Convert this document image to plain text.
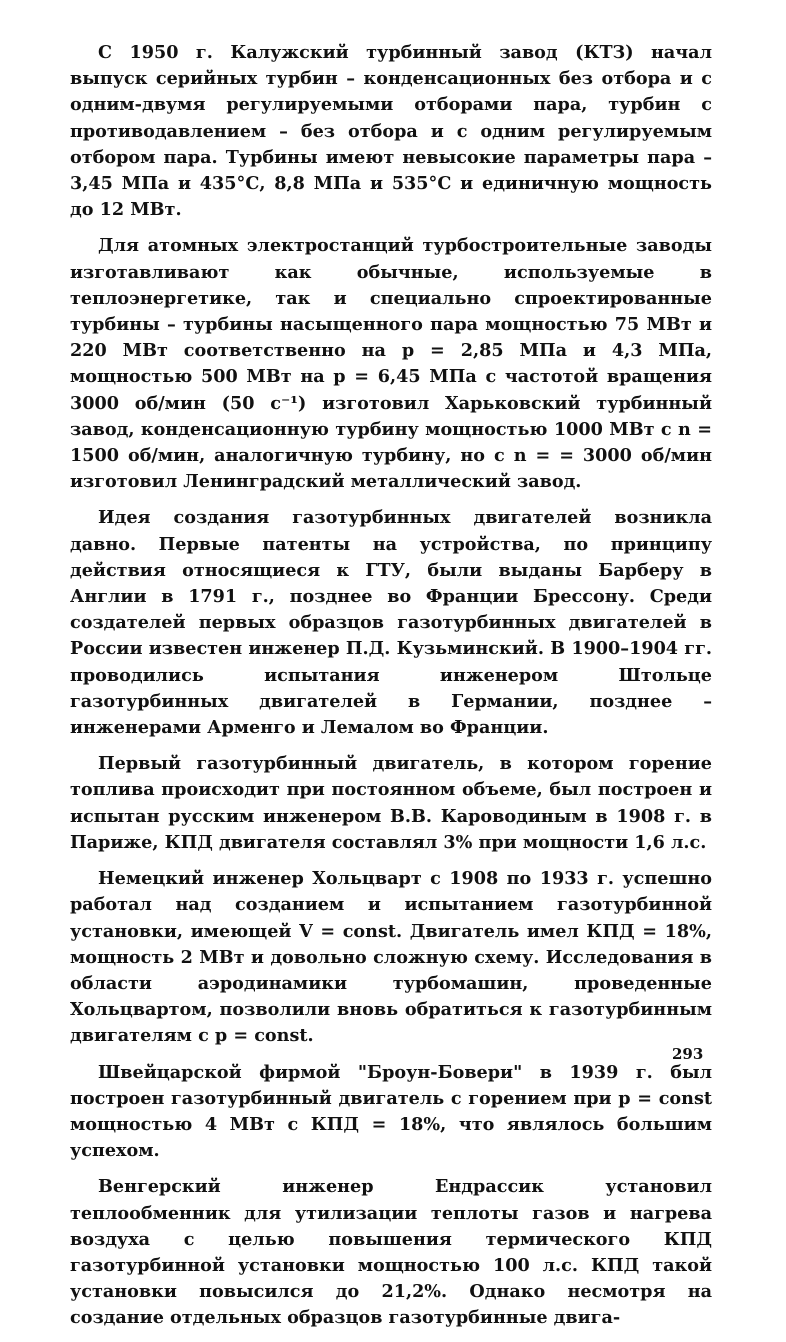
С 1950 г. Калужский турбинный завод (КТЗ) начал выпуск серийных турбин – конденсационных без отбора и с одним-двумя регулируемыми отборами пара, турбин с противодавлением – без отбора и с одним регулируемым отбором пара. Турбины имеют невысокие параметры пара – 3,45 МПа и 435°С, 8,8 МПа и 535°С и единичную мощность до 12 МВт.

Для атомных электростанций турбостроительные заводы изготавливают как обычные, используемые в теплоэнергетике, так и специально спроектированные турбины – турбины насыщенного пара мощностью 75 МВт и 220 МВт соответственно на p = 2,85 МПа и 4,3 МПа, мощностью 500 МВт на p = 6,45 МПа с частотой вращения 3000 об/мин (50 с⁻¹) изготовил Харьковский турбинный завод, конденсационную турбину мощностью 1000 МВт с n = 1500 об/мин, аналогичную турбину, но с n = = 3000 об/мин изготовил Ленинградский металлический завод.

Идея создания газотурбинных двигателей возникла давно. Первые патенты на устройства, по принципу действия относящиеся к ГТУ, были выданы Барберу в Англии в 1791 г., позднее во Франции Брессону. Среди создателей первых образцов газотурбинных двигателей в России известен инженер П.Д. Кузьминский. В 1900–1904 гг. проводились испытания инженером Штольце газотурбинных двигателей в Германии, позднее – инженерами Арменго и Лемалом во Франции.

Первый газотурбинный двигатель, в котором горение топлива происходит при постоянном объеме, был построен и испытан русским инженером В.В. Кароводиным в 1908 г. в Париже, КПД двигателя составлял 3% при мощности 1,6 л.с.

Немецкий инженер Хольцварт с 1908 по 1933 г. успешно работал над созданием и испытанием газотурбинной установки, имеющей V = const. Двигатель имел КПД = 18%, мощность 2 МВт и довольно сложную схему. Исследования в области аэродинамики турбомашин, проведенные Хольцвартом, позволили вновь обратиться к газотурбинным двигателям с p = const.

Швейцарской фирмой "Броун-Бовери" в 1939 г. был построен газотурбинный двигатель с горением при p = const мощностью 4 МВт с КПД = 18%, что являлось большим успехом.

Венгерский инженер Ендрассик установил теплообменник для утилизации теплоты газов и нагрева воздуха с целью повышения термического КПД газотурбинной установки мощностью 100 л.с. КПД такой установки повысился до 21,2%. Однако несмотря на создание отдельных образцов газотурбинные двига-

293
